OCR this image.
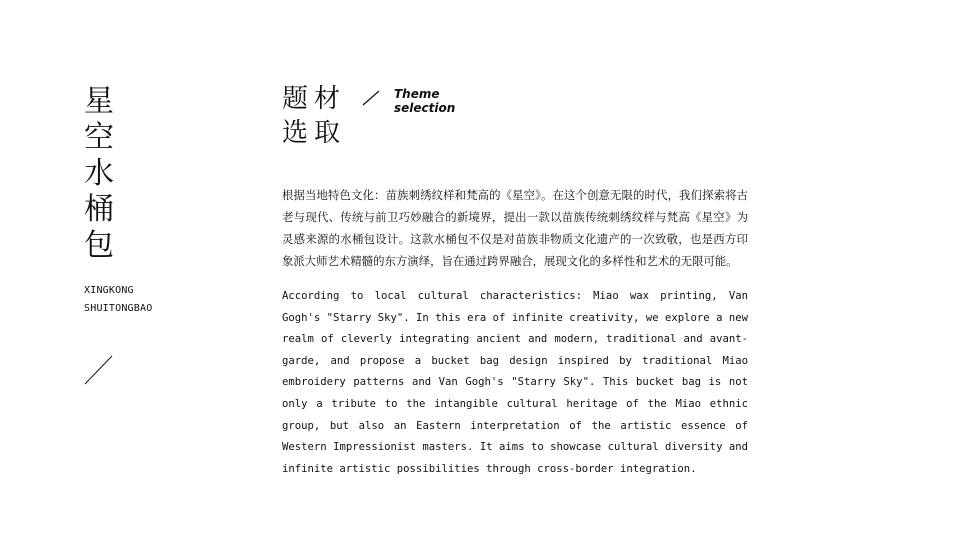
星
空
水
桶
包
XINGKONG
SHUITONGBAO
题材
选取
Theme
selection

根据当地特色文化：苗族刺绣纹样和梵高的《星空》。在这个创意无限的时代，我们探索将古老与现代、传统与前卫巧妙融合的新境界，提出一款以苗族传统刺绣纹样与梵高《星空》为灵感来源的水桶包设计。这款水桶包不仅是对苗族非物质文化遗产的一次致敬，也是西方印象派大师艺术精髓的东方演绎，旨在通过跨界融合，展现文化的多样性和艺术的无限可能。

According to local cultural characteristics: Miao wax printing, Van Gogh's "Starry Sky". In this era of infinite creativity, we explore a new realm of cleverly integrating ancient and modern, traditional and avant-garde, and propose a bucket bag design inspired by traditional Miao embroidery patterns and Van Gogh's "Starry Sky". This bucket bag is not only a tribute to the intangible cultural heritage of the Miao ethnic group, but also an Eastern interpretation of the artistic essence of Western Impressionist masters. It aims to showcase cultural diversity and infinite artistic possibilities through cross-border integration.
